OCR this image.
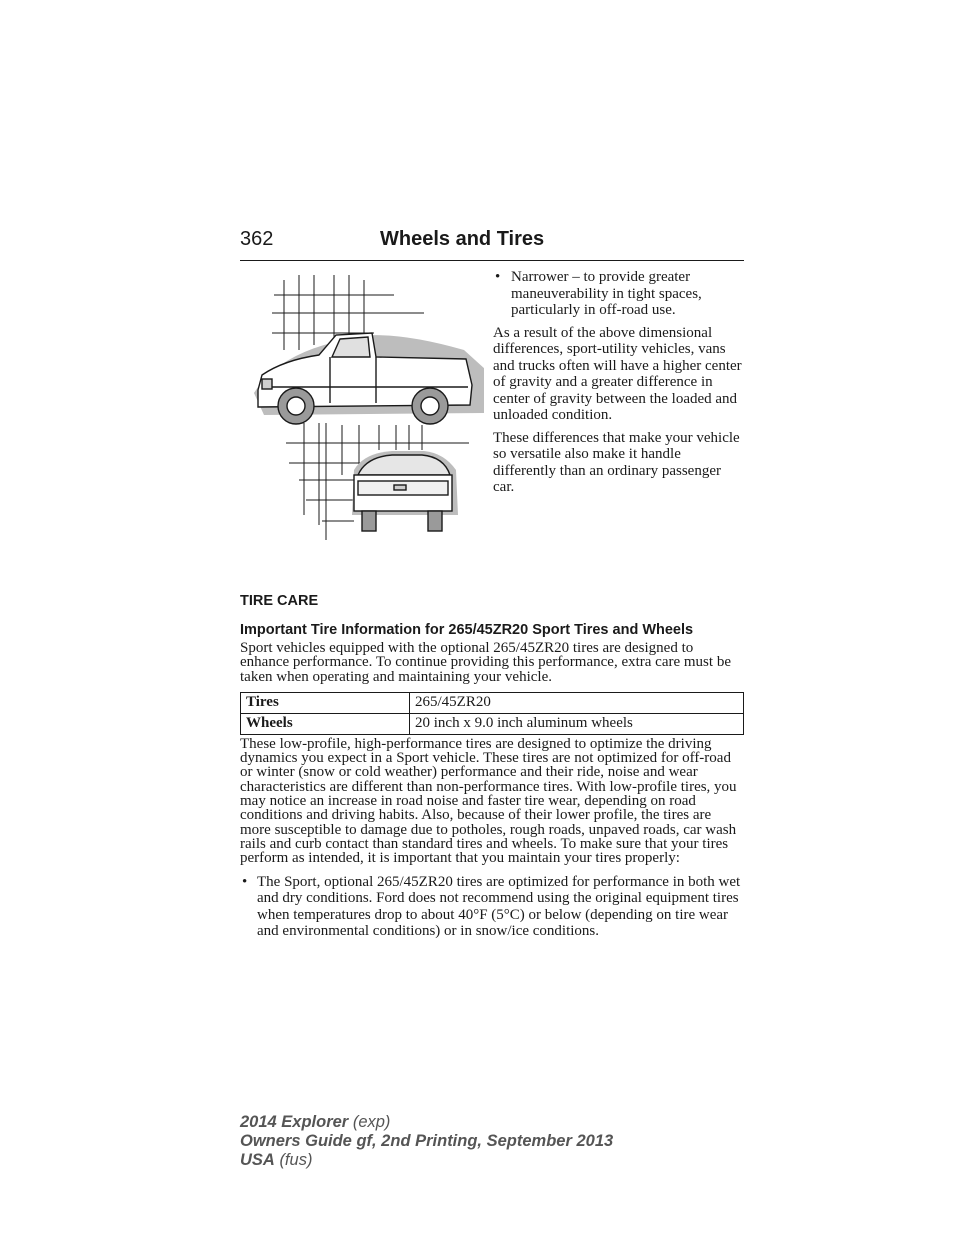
362	Wheels and Tires
• Narrower – to provide greater maneuverability in tight spaces, particularly in off-road use.

As a result of the above dimensional differences, sport-utility vehicles, vans and trucks often will have a higher center of gravity and a greater difference in center of gravity between the loaded and unloaded condition.

These differences that make your vehicle so versatile also make it handle differently than an ordinary passenger car.

TIRE CARE
Important Tire Information for 265/45ZR20 Sport Tires and Wheels

Sport vehicles equipped with the optional 265/45ZR20 tires are designed to enhance performance. To continue providing this performance, extra care must be taken when operating and maintaining your vehicle.

Tires	265/45ZR20
Wheels	20 inch x 9.0 inch aluminum wheels

These low-profile, high-performance tires are designed to optimize the driving dynamics you expect in a Sport vehicle. These tires are not optimized for off-road or winter (snow or cold weather) performance and their ride, noise and wear characteristics are different than non-performance tires. With low-profile tires, you may notice an increase in road noise and faster tire wear, depending on road conditions and driving habits. Also, because of their lower profile, the tires are more susceptible to damage due to potholes, rough roads, unpaved roads, car wash rails and curb contact than standard tires and wheels. To make sure that your tires perform as intended, it is important that you maintain your tires properly:

• The Sport, optional 265/45ZR20 tires are optimized for performance in both wet and dry conditions. Ford does not recommend using the original equipment tires when temperatures drop to about 40°F (5°C) or below (depending on tire wear and environmental conditions) or in snow/ice conditions.
2014 Explorer (exp)
Owners Guide gf, 2nd Printing, September 2013
USA (fus)
